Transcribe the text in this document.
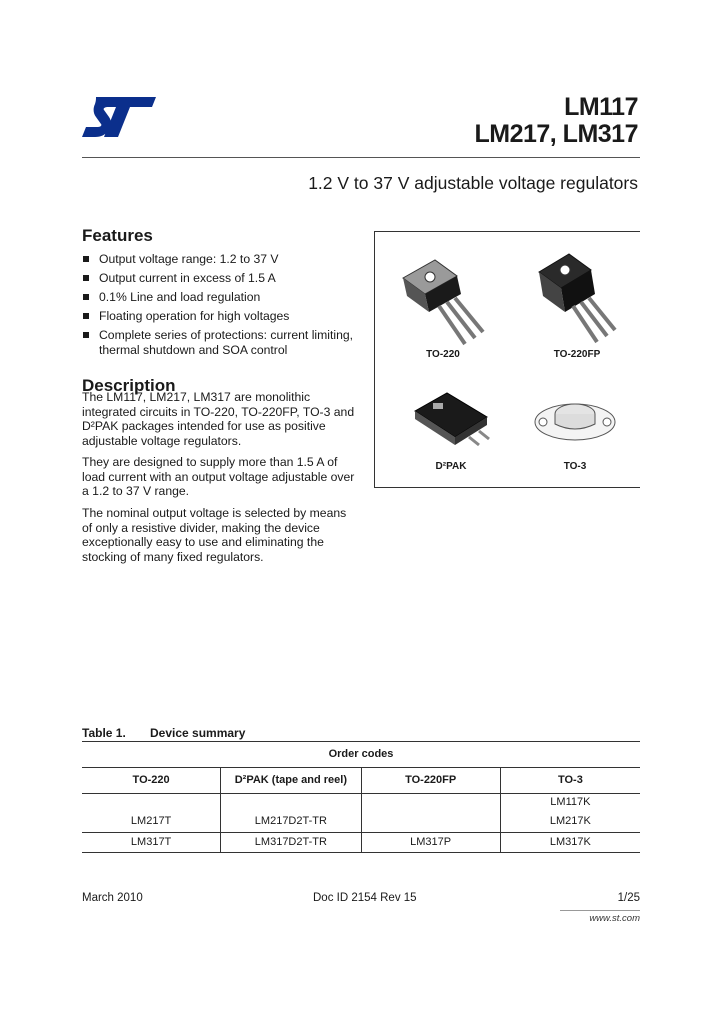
LM117
LM217, LM317
1.2 V to 37 V adjustable voltage regulators
Features
Output voltage range: 1.2 to 37 V
Output current in excess of 1.5 A
0.1% Line and load regulation
Floating operation for high voltages
Complete series of protections: current limiting, thermal shutdown and SOA control
Description

The LM117, LM217, LM317 are monolithic integrated circuits in TO-220, TO-220FP, TO-3 and D²PAK packages intended for use as positive adjustable voltage regulators.

They are designed to supply more than 1.5 A of load current with an output voltage adjustable over a 1.2 to 37 V range.

The nominal output voltage is selected by means of only a resistive divider, making the device exceptionally easy to use and eliminating the stocking of many fixed regulators.

TO-220	TO-220FP
D²PAK	TO-3
Table 1. Device summary
Order codes			
TO-220	D²PAK (tape and reel)	TO-220FP	TO-3
			LM117K
LM217T	LM217D2T-TR		LM217K
LM317T	LM317D2T-TR	LM317P	LM317K
March 2010	Doc ID 2154 Rev 15	1/25
www.st.com
